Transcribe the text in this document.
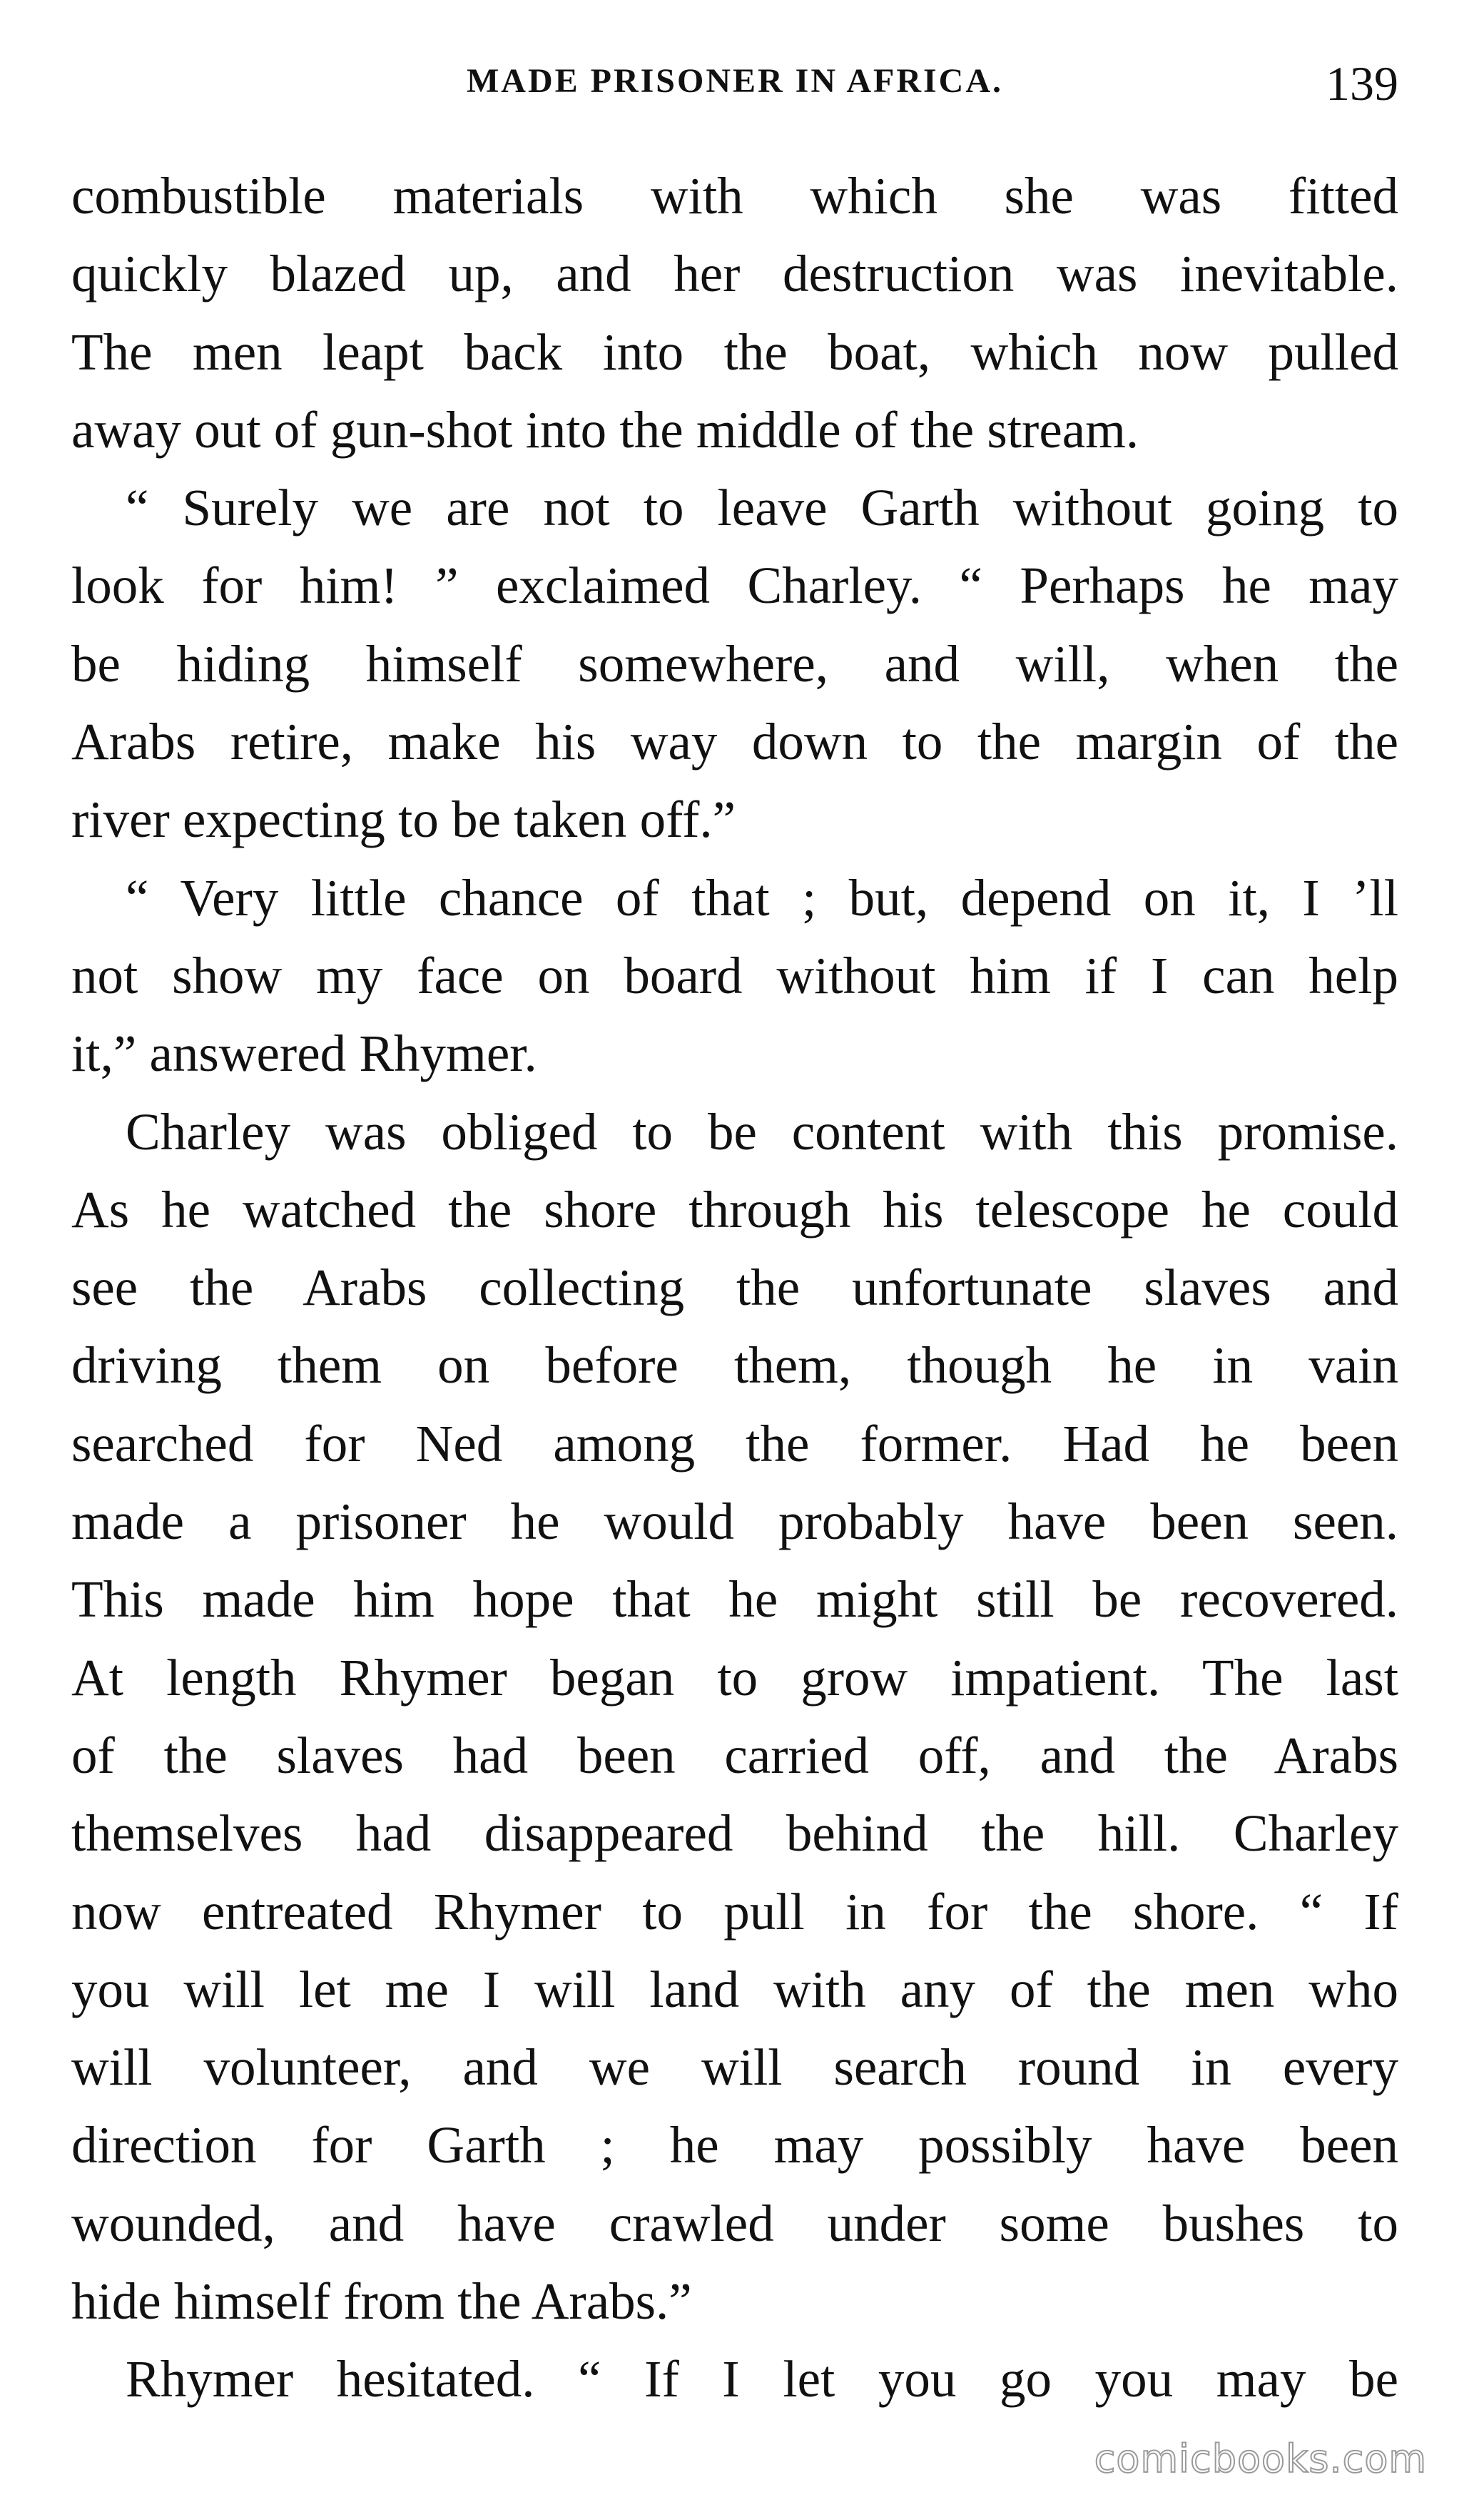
MADE PRISONER IN AFRICA.	139
combustible materials with which she was fitted
quickly blazed up, and her destruction was inevitable.
The men leapt back into the boat, which now pulled
away out of gun-shot into the middle of the stream.
“ Surely we are not to leave Garth without going to
look for him! ” exclaimed Charley. “ Perhaps he may
be hiding himself somewhere, and will, when the
Arabs retire, make his way down to the margin of the
river expecting to be taken off.”
“ Very little chance of that ; but, depend on it, I ’ll
not show my face on board without him if I can help
it,” answered Rhymer.
Charley was obliged to be content with this promise.
As he watched the shore through his telescope he could
see the Arabs collecting the unfortunate slaves and
driving them on before them, though he in vain
searched for Ned among the former. Had he been
made a prisoner he would probably have been seen.
This made him hope that he might still be recovered.
At length Rhymer began to grow impatient. The last
of the slaves had been carried off, and the Arabs
themselves had disappeared behind the hill. Charley
now entreated Rhymer to pull in for the shore. “ If
you will let me I will land with any of the men who
will volunteer, and we will search round in every
direction for Garth ; he may possibly have been
wounded, and have crawled under some bushes to
hide himself from the Arabs.”
Rhymer hesitated. “ If I let you go you may be
comicbooks.com
